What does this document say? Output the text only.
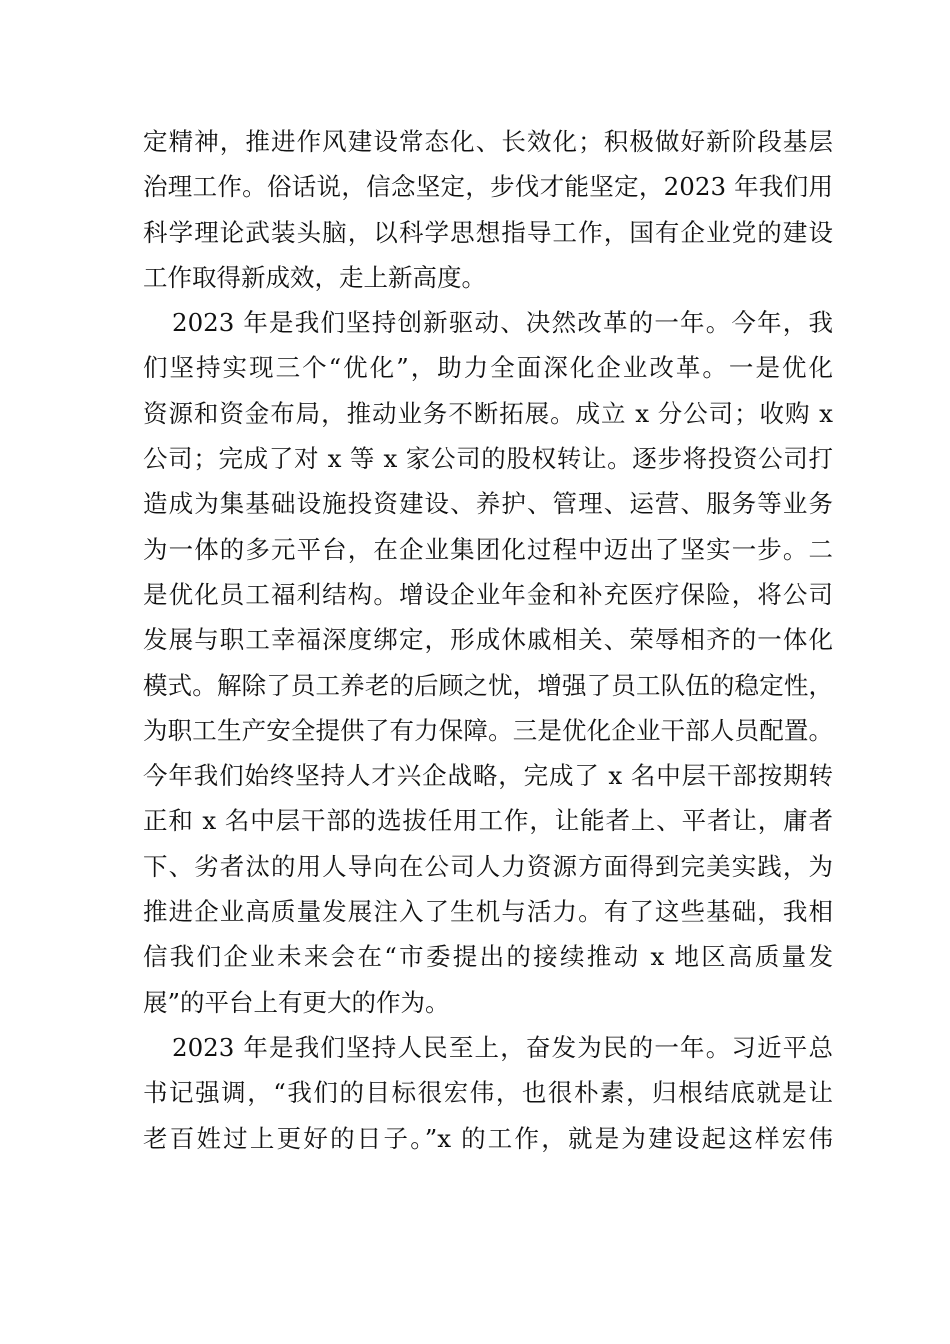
定精神，推进作风建设常态化、长效化；积极做好新阶段基层
治理工作。俗话说，信念坚定，步伐才能坚定，2023 年我们用
科学理论武装头脑，以科学思想指导工作，国有企业党的建设
工作取得新成效，走上新高度。
2023 年是我们坚持创新驱动、决然改革的一年。今年，我
们坚持实现三个“优化”，助力全面深化企业改革。一是优化
资源和资金布局，推动业务不断拓展。成立 x 分公司；收购 x
公司；完成了对 x 等 x 家公司的股权转让。逐步将投资公司打
造成为集基础设施投资建设、养护、管理、运营、服务等业务
为一体的多元平台，在企业集团化过程中迈出了坚实一步。二
是优化员工福利结构。增设企业年金和补充医疗保险，将公司
发展与职工幸福深度绑定，形成休戚相关、荣辱相齐的一体化
模式。解除了员工养老的后顾之忧，增强了员工队伍的稳定性，
为职工生产安全提供了有力保障。三是优化企业干部人员配置。
今年我们始终坚持人才兴企战略，完成了 x 名中层干部按期转
正和 x 名中层干部的选拔任用工作，让能者上、平者让，庸者
下、劣者汰的用人导向在公司人力资源方面得到完美实践，为
推进企业高质量发展注入了生机与活力。有了这些基础，我相
信我们企业未来会在“市委提出的接续推动 x 地区高质量发
展”的平台上有更大的作为。
2023 年是我们坚持人民至上，奋发为民的一年。习近平总
书记强调，“我们的目标很宏伟，也很朴素，归根结底就是让
老百姓过上更好的日子。”x 的工作，就是为建设起这样宏伟
